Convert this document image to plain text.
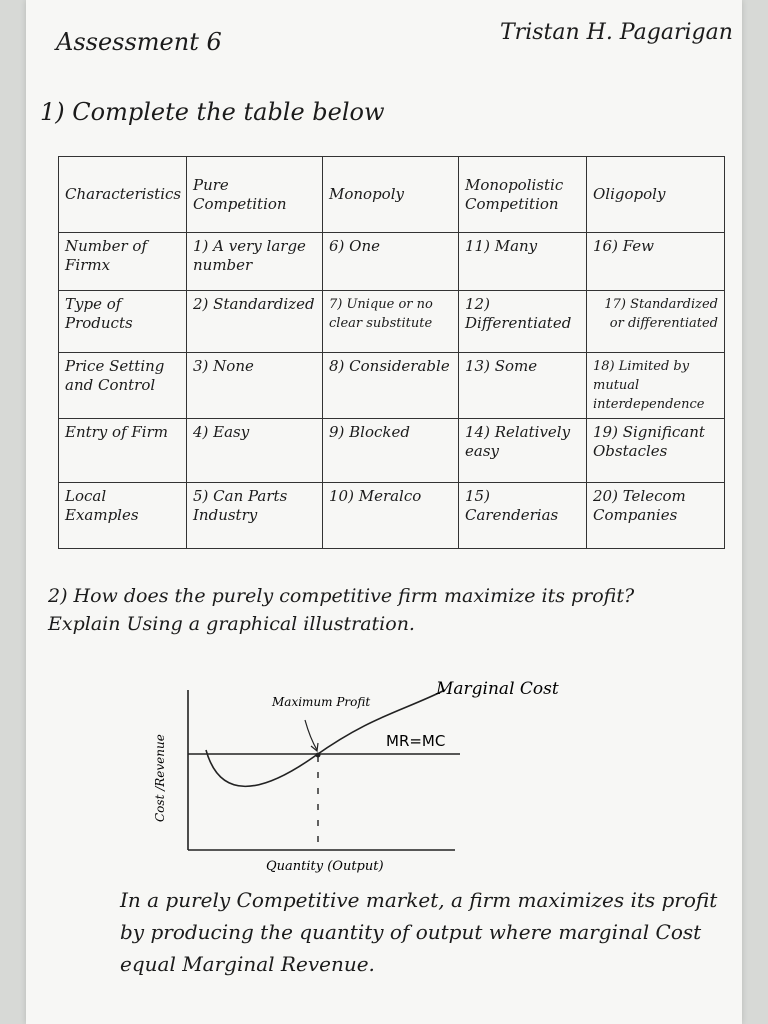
Assessment 6	Tristan H. Pagarigan
1) Complete the table below
Characteristics	Pure Competition	Monopoly	Monopolistic Competition	Oligopoly
Number of Firmx	1) A very large number	6) One	11) Many	16) Few
Type of Products	2) Standardized	7) Unique or no clear substitute	12) Differentiated	17) Standardized or differentiated
Price Setting and Control	3) None	8) Considerable	13) Some	18) Limited by mutual interdependence
Entry of Firm	4) Easy	9) Blocked	14) Relatively easy	19) Significant Obstacles
Local Examples	5) Can Parts Industry	10) Meralco	15) Carenderias	20) Telecom Companies
2) How does the purely competitive firm maximize its profit? Explain Using a graphical illustration.
Maximum Profit
Marginal Cost
MR=MC
Cost /Revenue
Quantity (Output)
In a purely Competitive market, a firm maximizes its profit by producing the quantity of output where marginal Cost equal Marginal Revenue.
